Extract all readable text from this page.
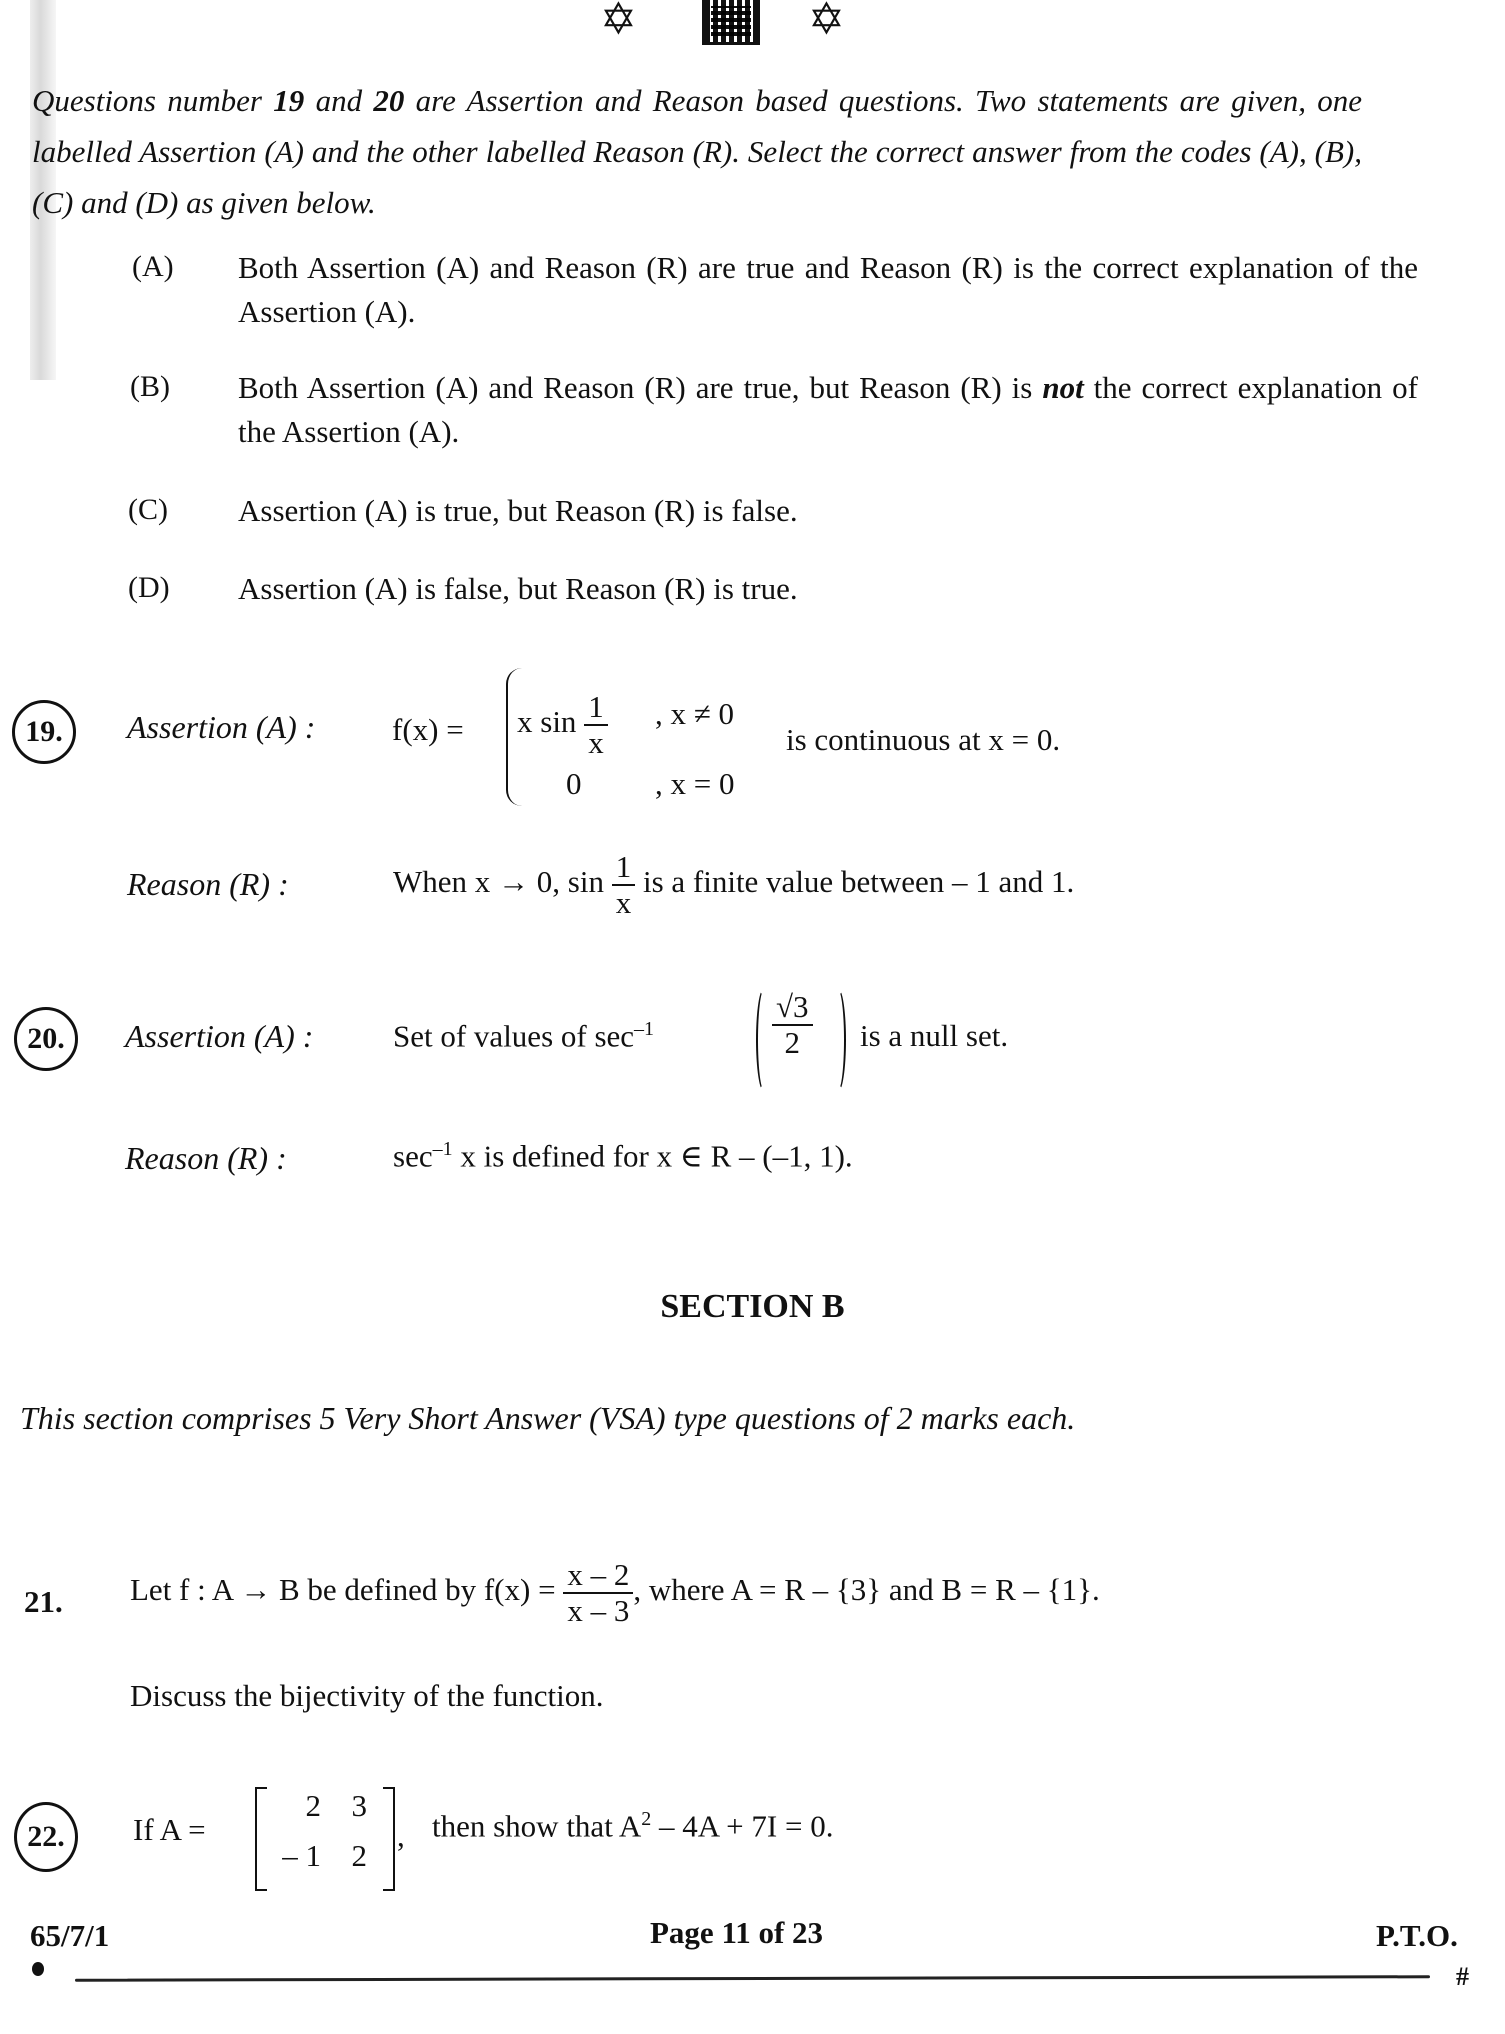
✡	✡
Questions number 19 and 20 are Assertion and Reason based questions. Two statements are given, one labelled Assertion (A) and the other labelled Reason (R). Select the correct answer from the codes (A), (B), (C) and (D) as given below.
(A) Both Assertion (A) and Reason (R) are true and Reason (R) is the correct explanation of the Assertion (A).
(B) Both Assertion (A) and Reason (R) are true, but Reason (R) is not the correct explanation of the Assertion (A).
(C) Assertion (A) is true, but Reason (R) is false.
(D) Assertion (A) is false, but Reason (R) is true.
19.	Assertion (A) : f(x) = x $\sin \frac{1}{x}$ , x ≠ 0
0 , x = 0
is continuous at x = 0.
Reason (R) :	When x → 0, $\sin \frac{1}{x}$ is a finite value between – 1 and 1.
20.	Assertion (A) :	Set of values of $\sec^{-1}$	$\frac{√3}{2}$ is a null set.
Reason (R) :	$\sec^{-1} x$ is defined for x ∈ R – (–1, 1).
SECTION B
This section comprises 5 Very Short Answer (VSA) type questions of 2 marks each.
21. Let f : A → B be defined by $f(x) = \frac{x - 2}{x - 3}$ , where A = R – {3} and B = R – {1}.
Discuss the bijectivity of the function.
22.	If A =
2 3
– 1 2
, then show that $A^2 - 4A + 7I = 0$.
65/7/1	Page 11 of 23	P.T.O.
#
